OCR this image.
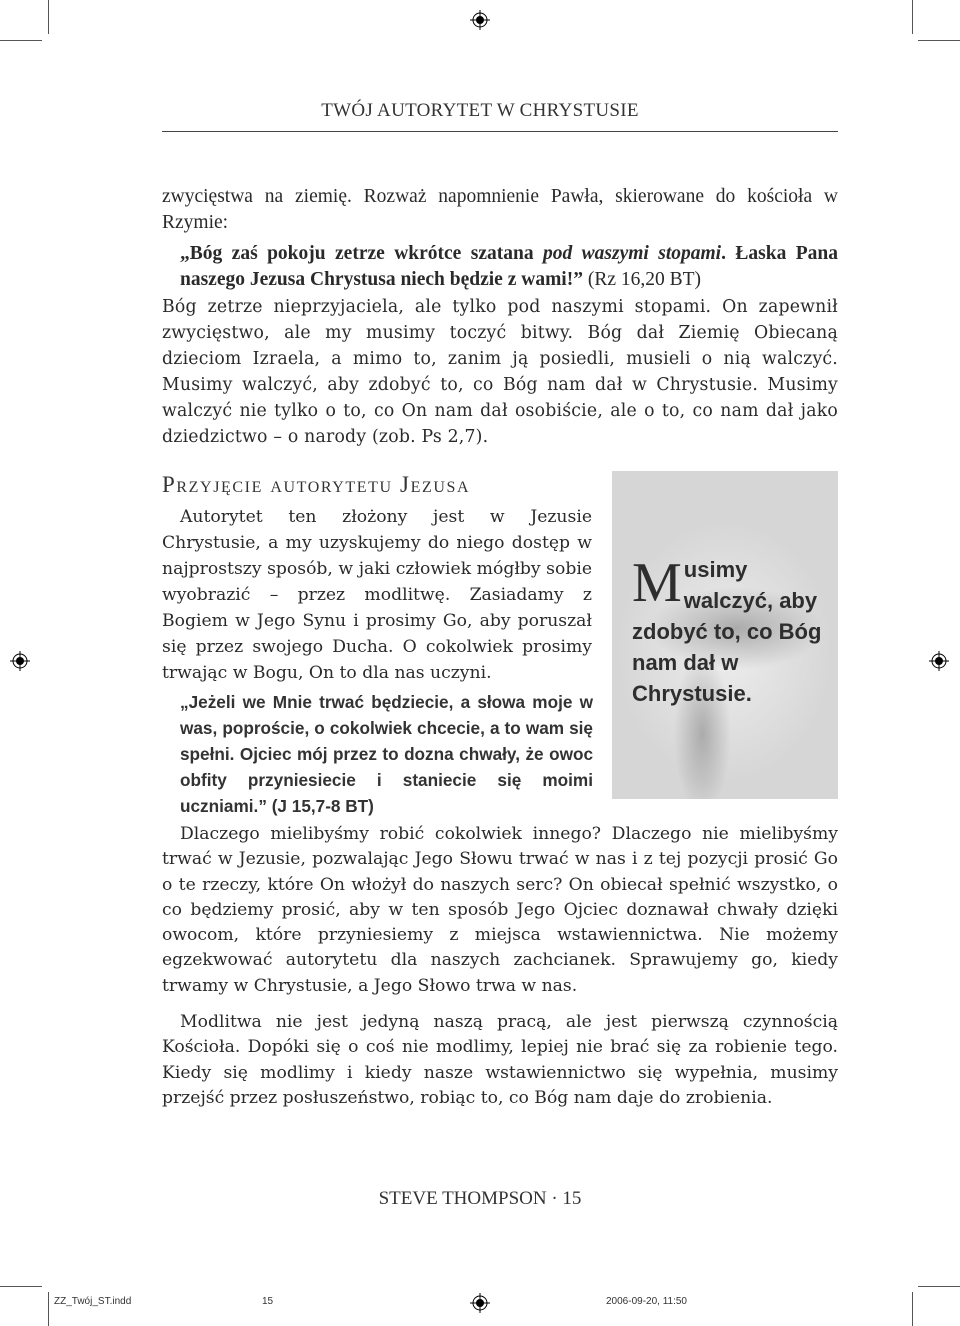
TWÓJ AUTORYTET W CHRYSTUSIE

zwycięstwa na ziemię. Rozważ napomnienie Pawła, skierowane do kościoła w Rzymie:

„Bóg zaś pokoju zetrze wkrótce szatana pod waszymi stopami. Łaska Pana naszego Jezusa Chrystusa niech będzie z wami!” (Rz 16,20 BT)

Bóg zetrze nieprzyjaciela, ale tylko pod naszymi stopami. On zapewnił zwycięstwo, ale my musimy toczyć bitwy. Bóg dał Ziemię Obiecaną dzieciom Izraela, a mimo to, zanim ją posiedli, musieli o nią walczyć. Musimy walczyć, aby zdobyć to, co Bóg nam dał w Chrystusie. Musimy walczyć nie tylko o to, co On nam dał osobiście, ale o to, co nam dał jako dziedzictwo – o narody (zob. Ps 2,7).

Przyjęcie autorytetu Jezusa

Autorytet ten złożony jest w Jezusie Chrystusie, a my uzyskujemy do niego dostęp w najprostszy sposób, w jaki człowiek mógłby sobie wyobrazić – przez modlitwę. Zasiadamy z Bogiem w Jego Synu i prosimy Go, aby poruszał się przez swojego Ducha. O cokolwiek prosimy trwając w Bogu, On to dla nas uczyni.

„Jeżeli we Mnie trwać będziecie, a słowa moje w was, poproście, o cokolwiek chcecie, a to wam się spełni. Ojciec mój przez to dozna chwały, że owoc obfity przyniesiecie i staniecie się moimi uczniami.” (J 15,7-8 BT)

Musimy walczyć, aby zdobyć to, co Bóg nam dał w Chrystusie.

Dlaczego mielibyśmy robić cokolwiek innego? Dlaczego nie mielibyśmy trwać w Jezusie, pozwalając Jego Słowu trwać w nas i z tej pozycji prosić Go o te rzeczy, które On włożył do naszych serc? On obiecał spełnić wszystko, o co będziemy prosić, aby w ten sposób Jego Ojciec doznawał chwały dzięki owocom, które przyniesiemy z miejsca wstawiennictwa. Nie możemy egzekwować autorytetu dla naszych zachcianek. Sprawujemy go, kiedy trwamy w Chrystusie, a Jego Słowo trwa w nas.

Modlitwa nie jest jedyną naszą pracą, ale jest pierwszą czynnością Kościoła. Dopóki się o coś nie modlimy, lepiej nie brać się za robienie tego. Kiedy się modlimy i kiedy nasze wstawiennictwo się wypełnia, musimy przejść przez posłuszeństwo, robiąc to, co Bóg nam daje do zrobienia.

STEVE THOMPSON · 15
ZZ_Twój_ST.indd	15	2006-09-20, 11:50
